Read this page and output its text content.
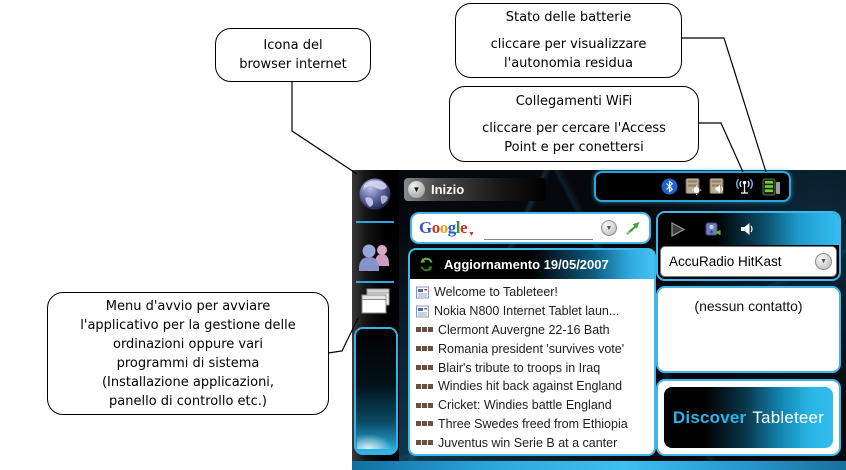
Icona del
browser internet
Stato delle batterie
cliccare per visualizzare
l'autonomia residua
Collegamenti WiFi
cliccare per cercare l'Access
Point e per conettersi
Menu d'avvio per avviare
l'applicativo per la gestione delle
ordinazioni oppure vari
programmi di sistema
(Installazione applicazioni,
panello di controllo etc.)
▼ Inizio
G o o g l e ▼
▼
Aggiornamento 19/05/2007
Welcome to Tableteer!
Nokia N800 Internet Tablet laun...
Clermont Auvergne 22-16 Bath
Romania president 'survives vote'
Blair's tribute to troops in Iraq
Windies hit back against England
Cricket: Windies battle England
Three Swedes freed from Ethiopia
Juventus win Serie B at a canter
AccuRadio HitKast	▼
(nessun contatto)
Discover Tableteer
